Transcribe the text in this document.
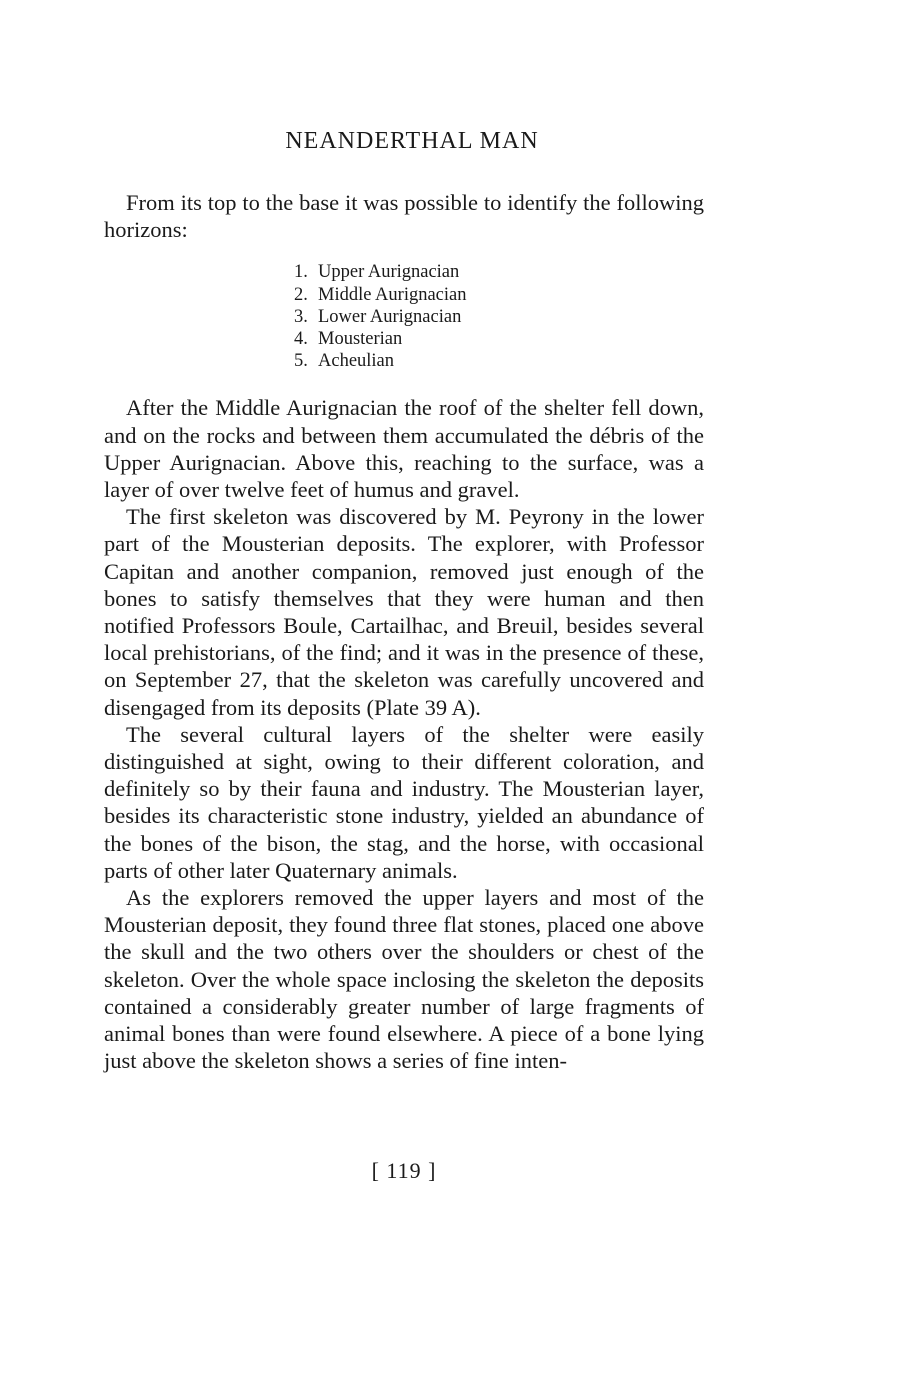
NEANDERTHAL MAN

From its top to the base it was possible to identify the following horizons:

1. Upper Aurignacian
2. Middle Aurignacian
3. Lower Aurignacian
4. Mousterian
5. Acheulian

After the Middle Aurignacian the roof of the shelter fell down, and on the rocks and between them accumulated the débris of the Upper Aurignacian. Above this, reaching to the surface, was a layer of over twelve feet of humus and gravel.

The first skeleton was discovered by M. Peyrony in the lower part of the Mousterian deposits. The explorer, with Professor Capitan and another companion, removed just enough of the bones to satisfy themselves that they were human and then notified Professors Boule, Cartailhac, and Breuil, besides several local prehistorians, of the find; and it was in the presence of these, on September 27, that the skeleton was carefully uncovered and disengaged from its deposits (Plate 39 A).

The several cultural layers of the shelter were easily distinguished at sight, owing to their different coloration, and definitely so by their fauna and industry. The Mousterian layer, besides its characteristic stone industry, yielded an abundance of the bones of the bison, the stag, and the horse, with occasional parts of other later Quaternary animals.

As the explorers removed the upper layers and most of the Mousterian deposit, they found three flat stones, placed one above the skull and the two others over the shoulders or chest of the skeleton. Over the whole space inclosing the skeleton the deposits contained a considerably greater number of large fragments of animal bones than were found elsewhere. A piece of a bone lying just above the skeleton shows a series of fine inten-

[ 119 ]
